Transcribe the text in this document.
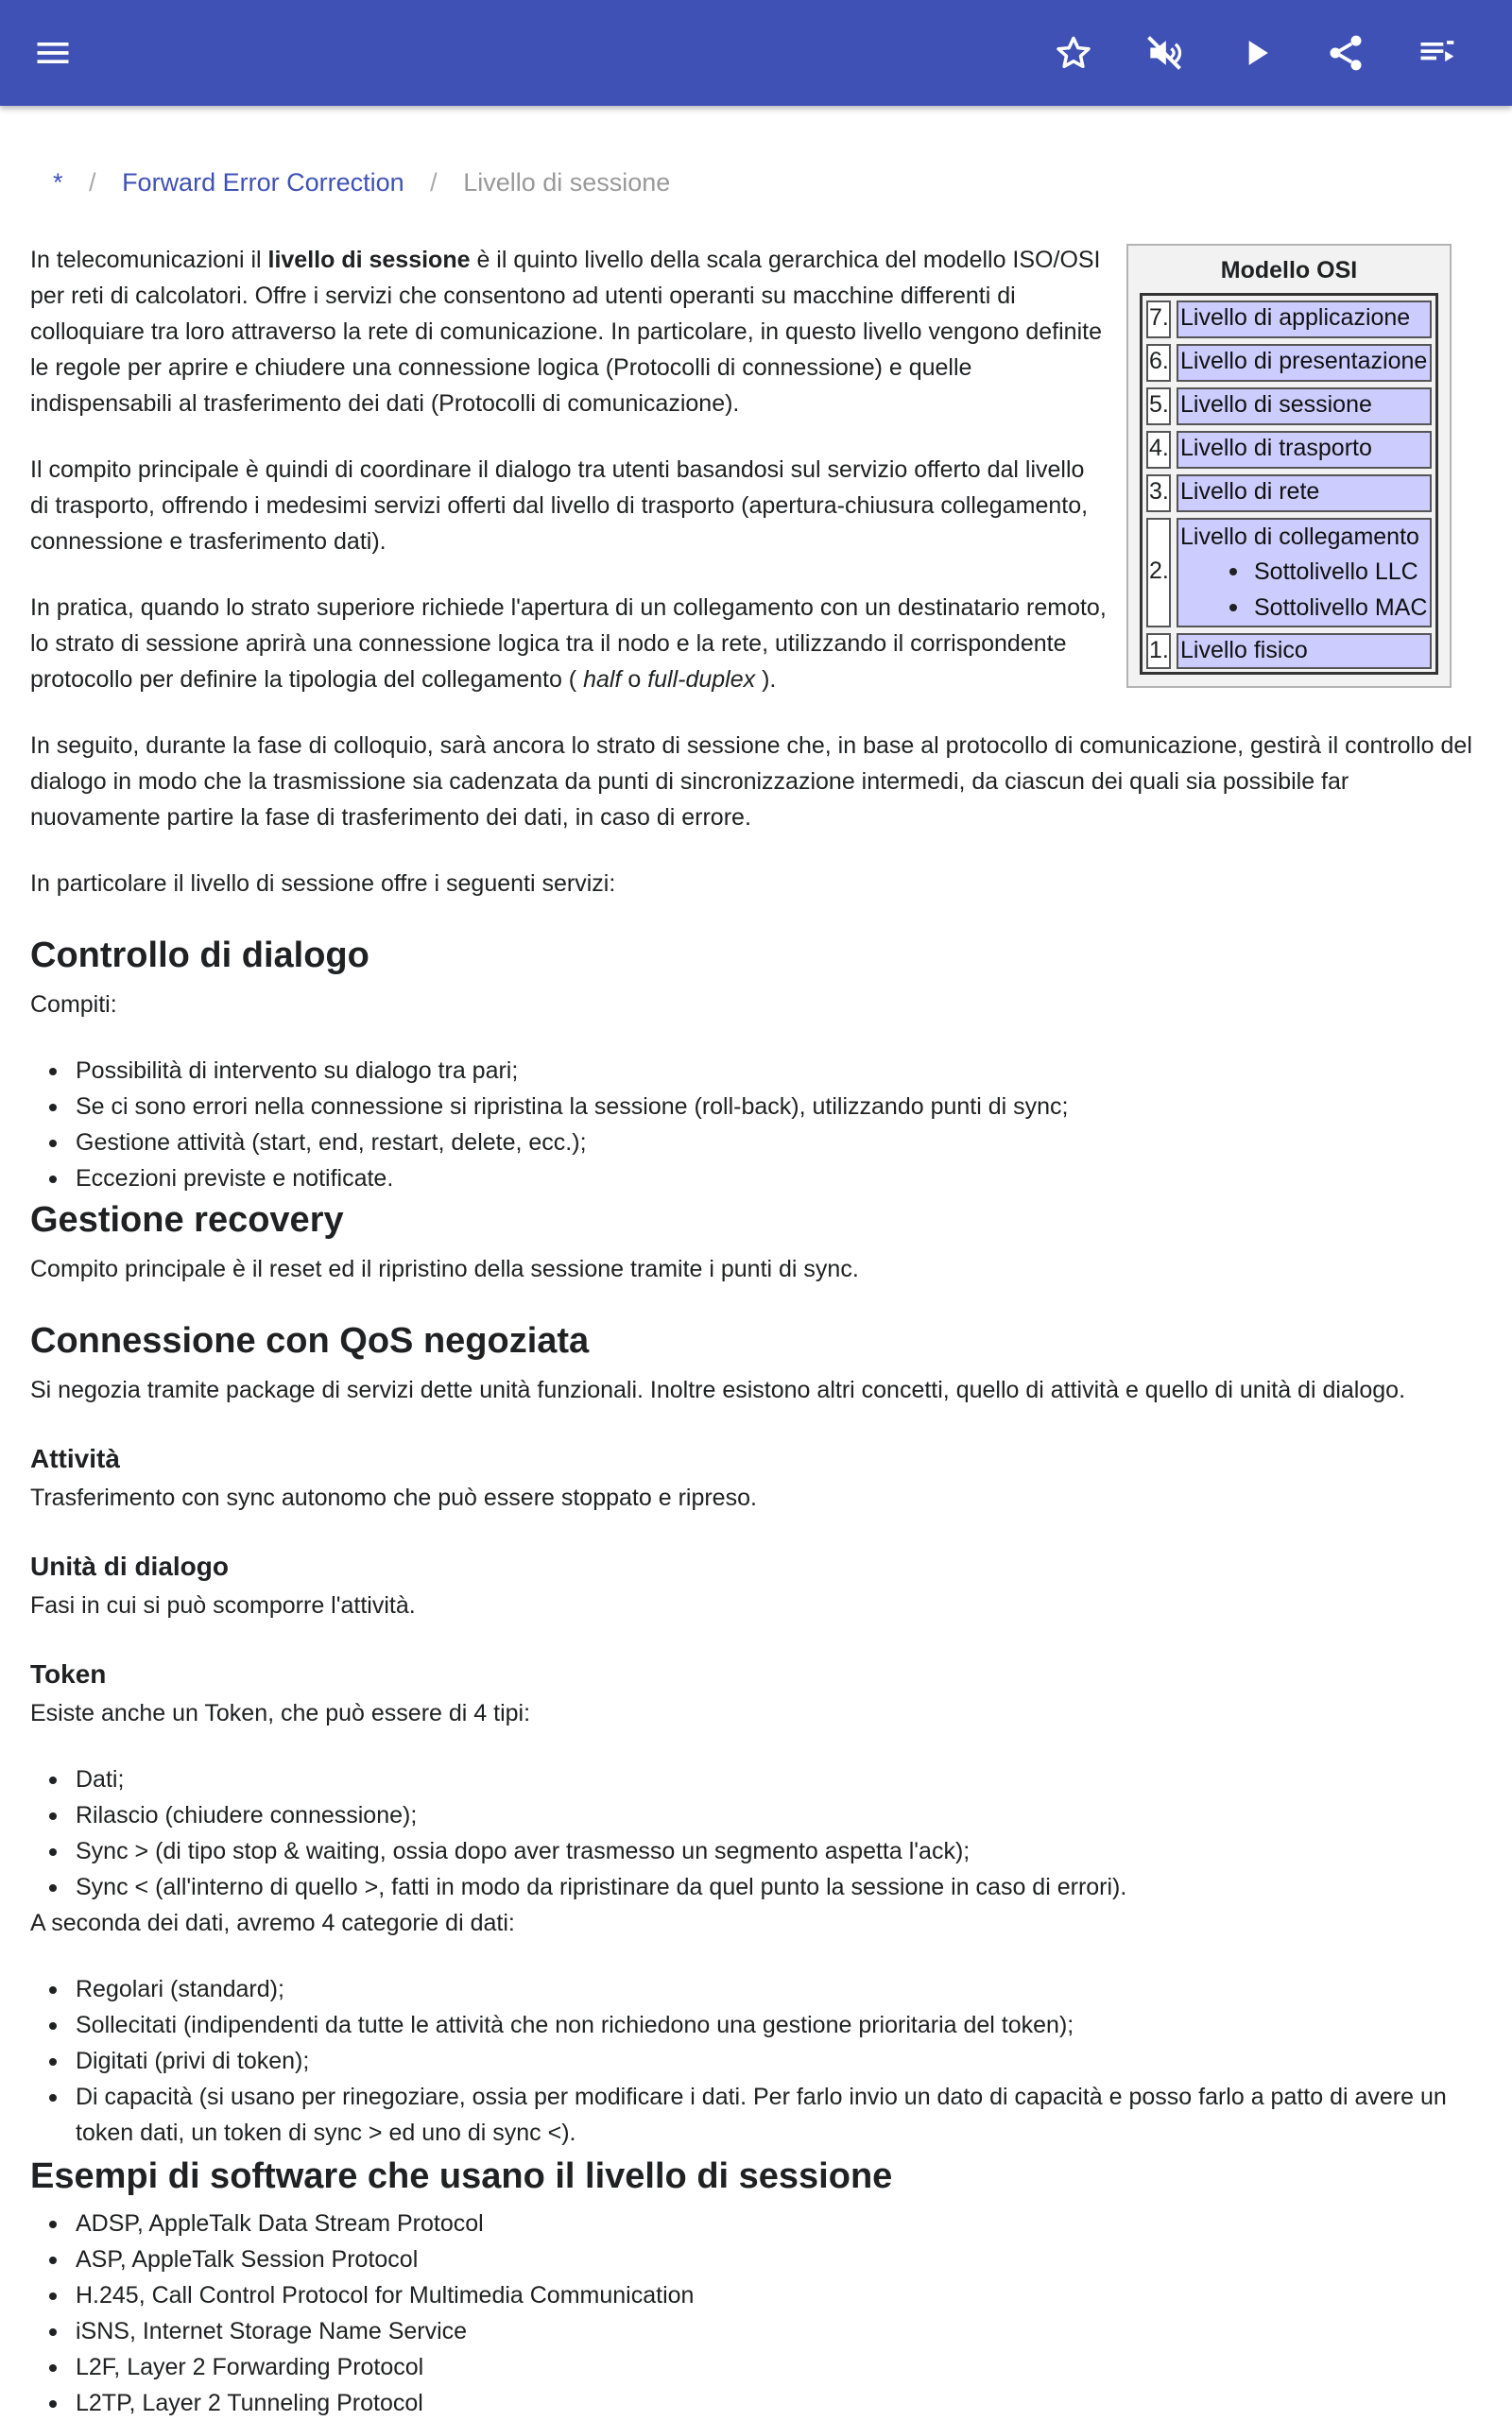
* / Forward Error Correction / Livello di sessione

In telecomunicazioni il livello di sessione è il quinto livello della scala gerarchica del modello ISO/OSI per reti di calcolatori. Offre i servizi che consentono ad utenti operanti su macchine differenti di colloquiare tra loro attraverso la rete di comunicazione. In particolare, in questo livello vengono definite le regole per aprire e chiudere una connessione logica (Protocolli di connessione) e quelle indispensabili al trasferimento dei dati (Protocolli di comunicazione).

Il compito principale è quindi di coordinare il dialogo tra utenti basandosi sul servizio offerto dal livello di trasporto, offrendo i medesimi servizi offerti dal livello di trasporto (apertura-chiusura collegamento, connessione e trasferimento dati).

In pratica, quando lo strato superiore richiede l'apertura di un collegamento con un destinatario remoto, lo strato di sessione aprirà una connessione logica tra il nodo e la rete, utilizzando il corrispondente protocollo per definire la tipologia del collegamento ( half o full-duplex ).

In seguito, durante la fase di colloquio, sarà ancora lo strato di sessione che, in base al protocollo di comunicazione, gestirà il controllo del dialogo in modo che la trasmissione sia cadenzata da punti di sincronizzazione intermedi, da ciascun dei quali sia possibile far nuovamente partire la fase di trasferimento dei dati, in caso di errore.

In particolare il livello di sessione offre i seguenti servizi:

Modello OSI
7. Livello di applicazione
6. Livello di presentazione
5. Livello di sessione
4. Livello di trasporto
3. Livello di rete
2.
Livello di collegamento
Sottolivello LLC
Sottolivello MAC
1. Livello fisico
Controllo di dialogo

Compiti:

Possibilità di intervento su dialogo tra pari;
Se ci sono errori nella connessione si ripristina la sessione (roll-back), utilizzando punti di sync;
Gestione attività (start, end, restart, delete, ecc.);
Eccezioni previste e notificate.
Gestione recovery

Compito principale è il reset ed il ripristino della sessione tramite i punti di sync.

Connessione con QoS negoziata

Si negozia tramite package di servizi dette unità funzionali. Inoltre esistono altri concetti, quello di attività e quello di unità di dialogo.

Attività

Trasferimento con sync autonomo che può essere stoppato e ripreso.

Unità di dialogo

Fasi in cui si può scomporre l'attività.

Token

Esiste anche un Token, che può essere di 4 tipi:

Dati;
Rilascio (chiudere connessione);
Sync > (di tipo stop & waiting, ossia dopo aver trasmesso un segmento aspetta l'ack);
Sync < (all'interno di quello >, fatti in modo da ripristinare da quel punto la sessione in caso di errori).

A seconda dei dati, avremo 4 categorie di dati:

Regolari (standard);
Sollecitati (indipendenti da tutte le attività che non richiedono una gestione prioritaria del token);
Digitati (privi di token);
Di capacità (si usano per rinegoziare, ossia per modificare i dati. Per farlo invio un dato di capacità e posso farlo a patto di avere un token dati, un token di sync > ed uno di sync <).
Esempi di software che usano il livello di sessione
ADSP, AppleTalk Data Stream Protocol
ASP, AppleTalk Session Protocol
H.245, Call Control Protocol for Multimedia Communication
iSNS, Internet Storage Name Service
L2F, Layer 2 Forwarding Protocol
L2TP, Layer 2 Tunneling Protocol
